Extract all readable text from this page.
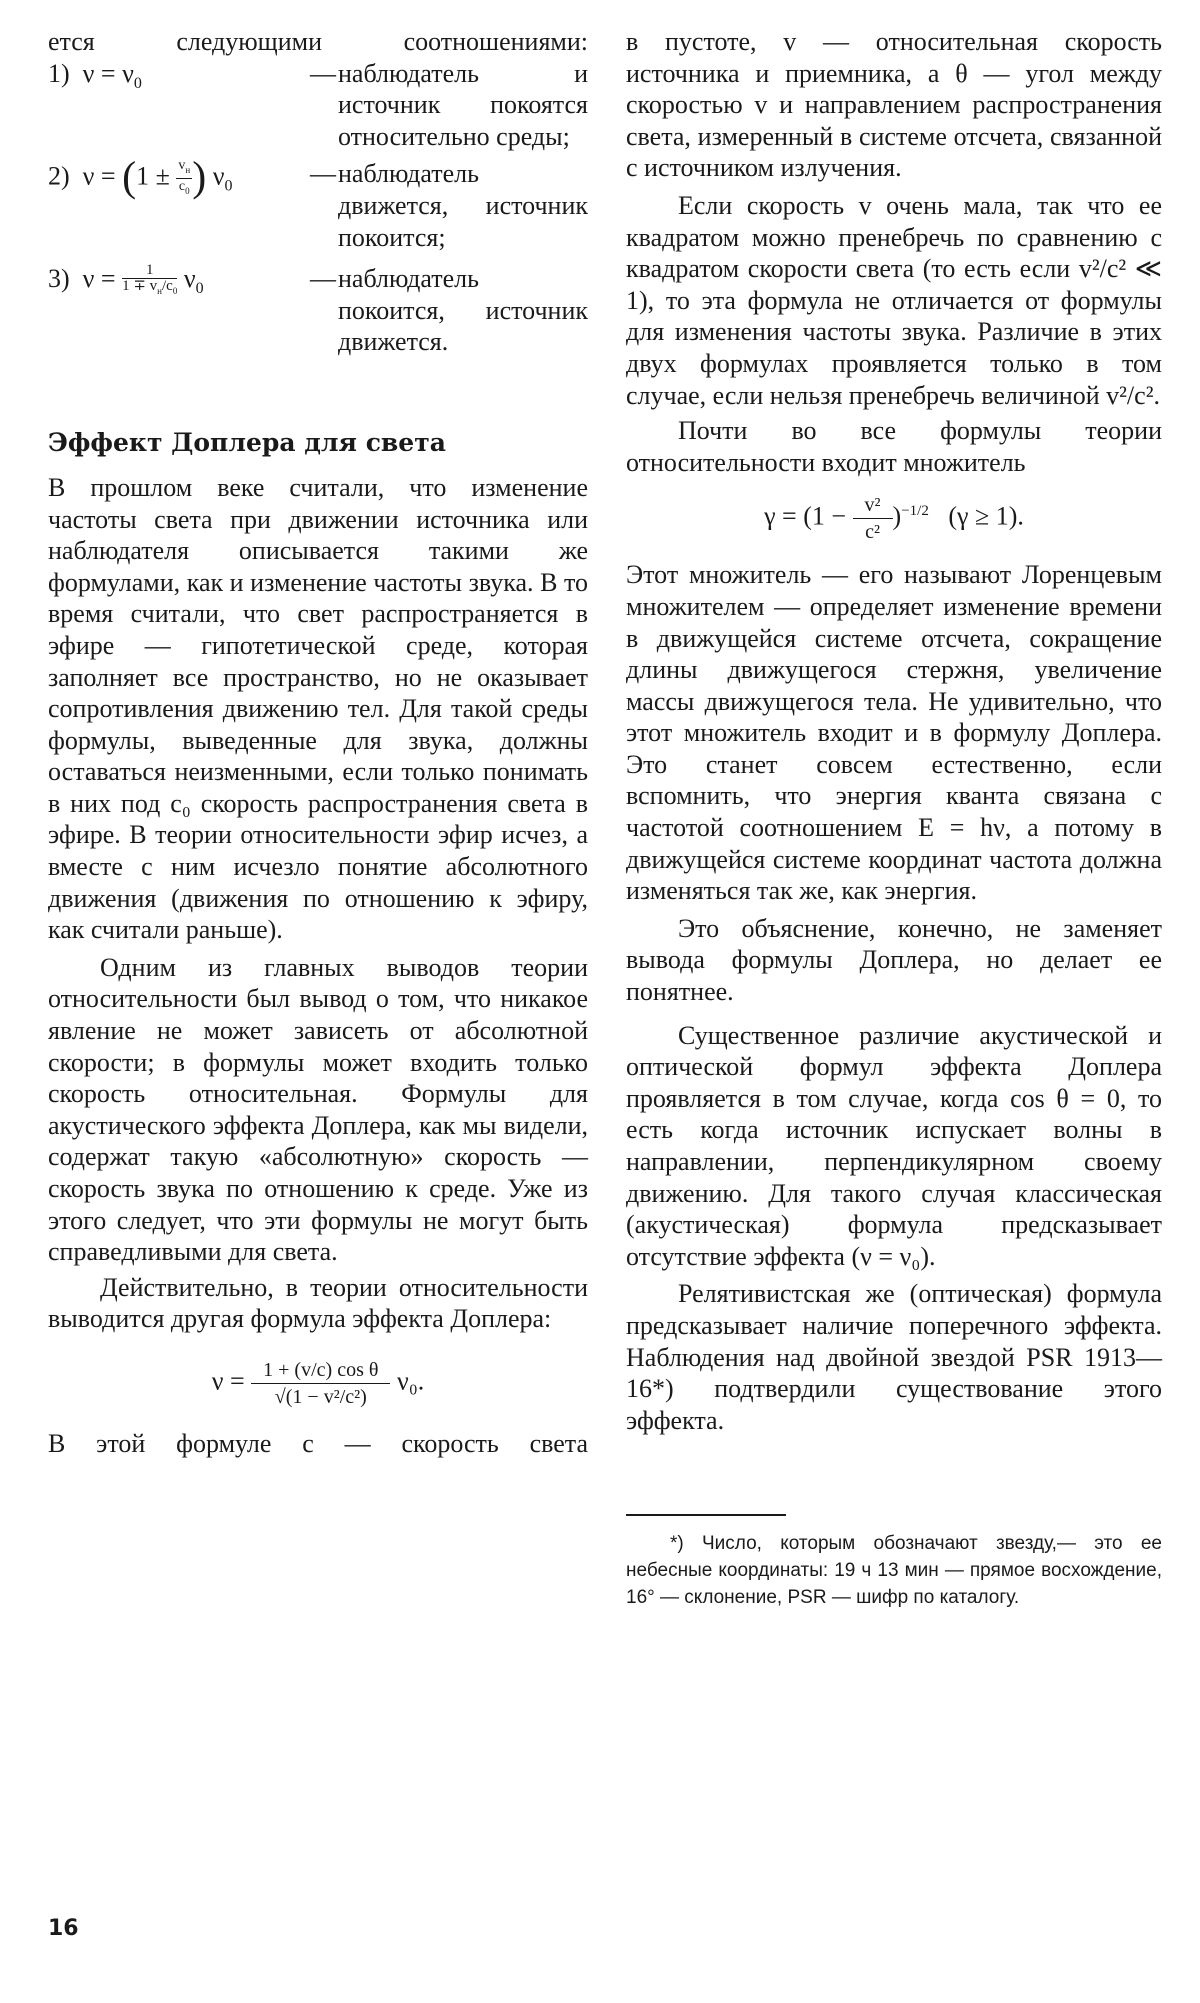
ется следующими соотношениями:

1) $\nu = \nu_0$	— наблюдатель и источник покоятся относительно среды;
2) $\nu = (1 \pm \frac{v_н}{c_0}$ ) $\nu_0$	— наблюдатель движется, источник покоится;
3) $\nu = \frac{1}{1 \mp v_н/c_0} \nu_0$	— наблюдатель покоится, источник движется.
Эффект Доплера для света

В прошлом веке считали, что изменение частоты света при движении источника или наблюдателя описывается такими же формулами, как и изменение частоты звука. В то время считали, что свет распространяется в эфире — гипотетической среде, которая заполняет все пространство, но не оказывает сопротивления движению тел. Для такой среды формулы, выведенные для звука, должны оставаться неизменными, если только понимать в них под c₀ скорость распространения света в эфире. В теории относительности эфир исчез, а вместе с ним исчезло понятие абсолютного движения (движения по отношению к эфиру, как считали раньше).

Одним из главных выводов теории относительности был вывод о том, что никакое явление не может зависеть от абсолютной скорости; в формулы может входить только скорость относительная. Формулы для акустического эффекта Доплера, как мы видели, содержат такую «абсолютную» скорость — скорость звука по отношению к среде. Уже из этого следует, что эти формулы не могут быть справедливыми для света.

Действительно, в теории относительности выводится другая формула эффекта Доплера:

$\nu = \frac{\text{1 + (v/c) cos θ}}{\text{√(1 − v²/c²)}} \nu_0$.

В этой формуле c — скорость света

в пустоте, v — относительная скорость источника и приемника, а θ — угол между скоростью v и направлением распространения света, измеренный в системе отсчета, связанной с источником излучения.

Если скорость v очень мала, так что ее квадратом можно пренебречь по сравнению с квадратом скорости света (то есть если v²/c² ≪ 1), то эта формула не отличается от формулы для изменения частоты звука. Различие в этих двух формулах проявляется только в том случае, если нельзя пренебречь величиной v²/c².

Почти во все формулы теории относительности входит множитель

$\gamma = (1 - \frac{\text{v²}}{\text{c²}} )^{-1/2}$ (γ ≥ 1).

Этот множитель — его называют Лоренцевым множителем — определяет изменение времени в движущейся системе отсчета, сокращение длины движущегося стержня, увеличение массы движущегося тела. Не удивительно, что этот множитель входит и в формулу Доплера. Это станет совсем естественно, если вспомнить, что энергия кванта связана с частотой соотношением E = hν, а потому в движущейся системе координат частота должна изменяться так же, как энергия.

Это объяснение, конечно, не заменяет вывода формулы Доплера, но делает ее понятнее.

Существенное различие акустической и оптической формул эффекта Доплера проявляется в том случае, когда cos θ = 0, то есть когда источник испускает волны в направлении, перпендикулярном своему движению. Для такого случая классическая (акустическая) формула предсказывает отсутствие эффекта (ν = ν₀).

Релятивистская же (оптическая) формула предсказывает наличие поперечного эффекта. Наблюдения над двойной звездой PSR 1913—16*) подтвердили существование этого эффекта.

*) Число, которым обозначают звезду,— это ее небесные координаты: 19 ч 13 мин — прямое восхождение, 16° — склонение, PSR — шифр по каталогу.

16
